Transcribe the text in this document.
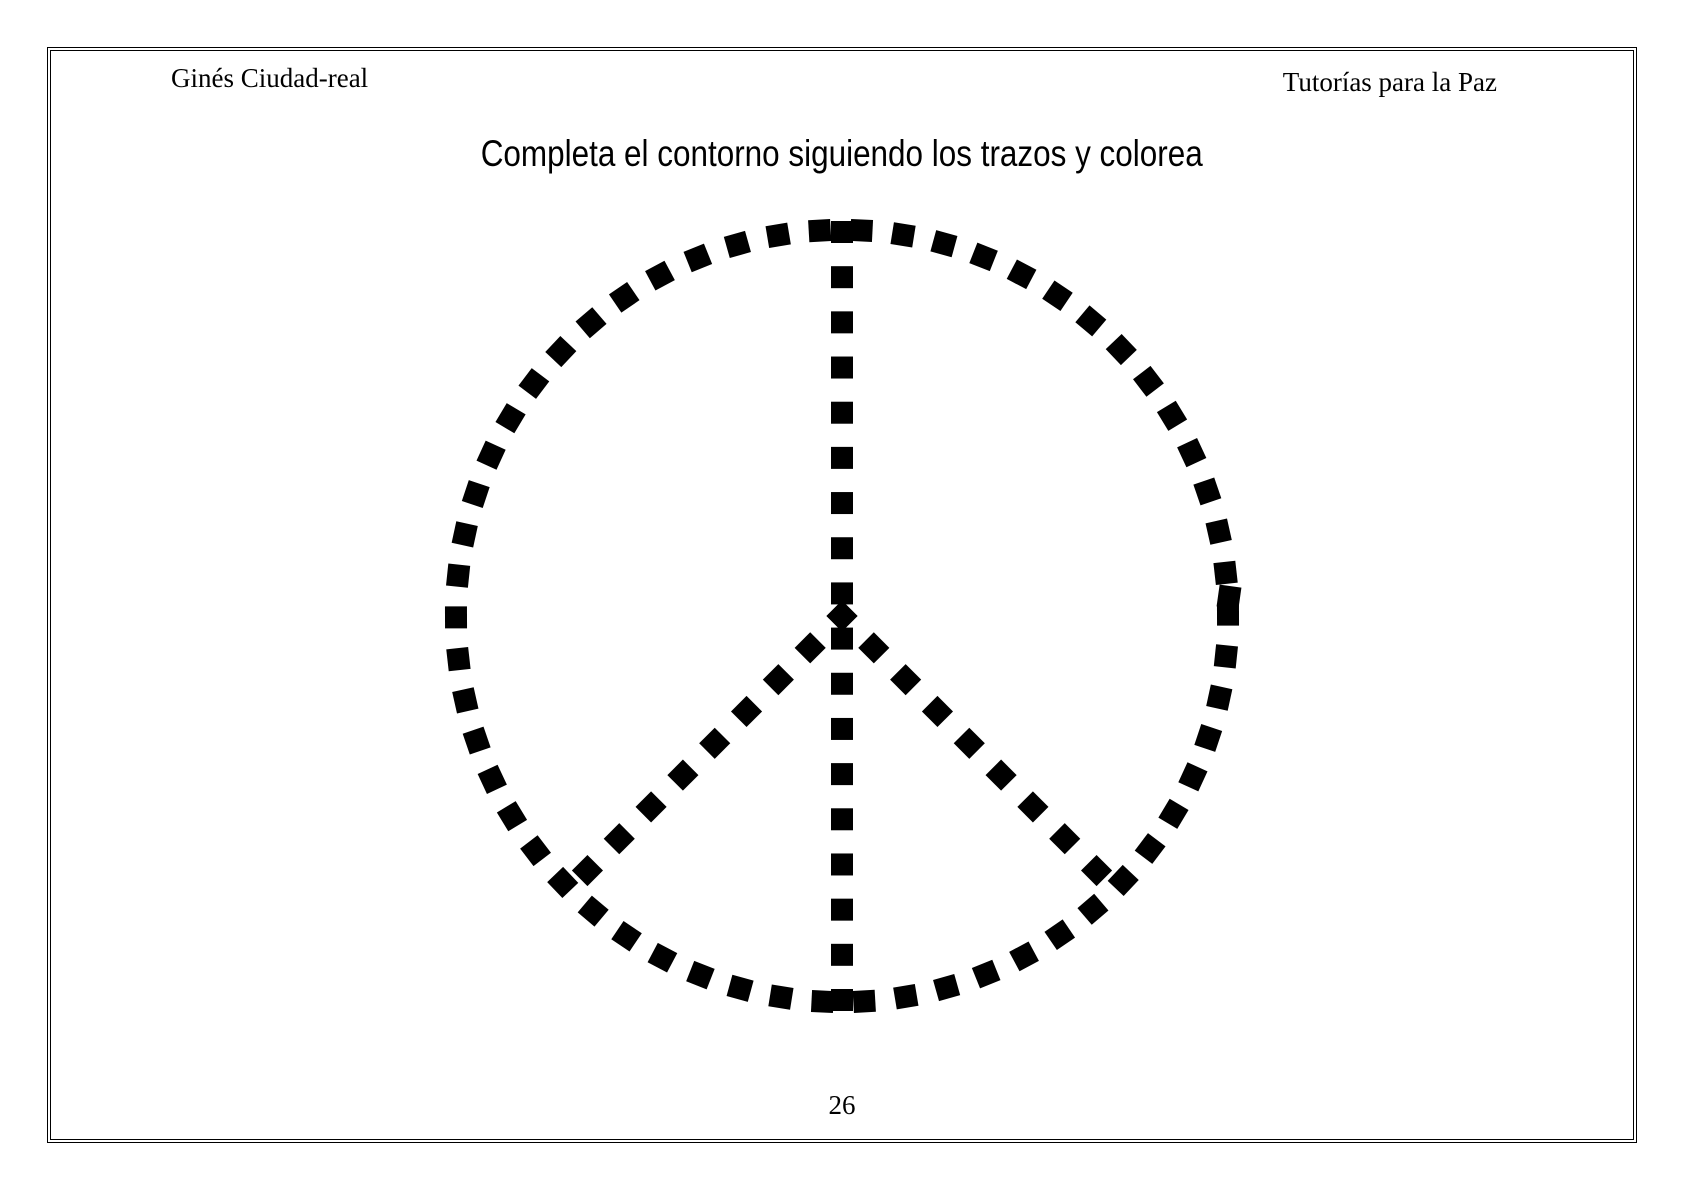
Ginés Ciudad-real	Tutorías para la Paz
Completa el contorno siguiendo los trazos y colorea
26
